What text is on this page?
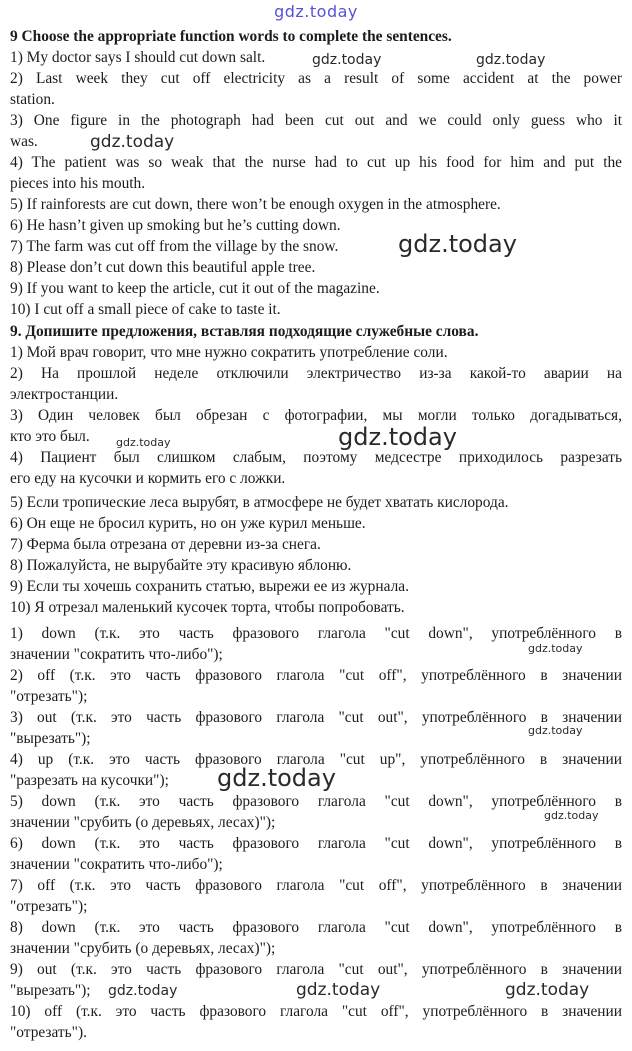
gdz.today
9 Choose the appropriate function words to complete the sentences.
1) My doctor says I should cut down salt.
2) Last week they cut off electricity as a result of some accident at the power
station.
3) One figure in the photograph had been cut out and we could only guess who it
was.
4) The patient was so weak that the nurse had to cut up his food for him and put the
pieces into his mouth.
5) If rainforests are cut down, there won’t be enough oxygen in the atmosphere.
6) He hasn’t given up smoking but he’s cutting down.
7) The farm was cut off from the village by the snow.
8) Please don’t cut down this beautiful apple tree.
9) If you want to keep the article, cut it out of the magazine.
10) I cut off a small piece of cake to taste it.
9. Допишите предложения, вставляя подходящие служебные слова.
1) Мой врач говорит, что мне нужно сократить употребление соли.
2) На прошлой неделе отключили электричество из-за какой-то аварии на
электростанции.
3) Один человек был обрезан с фотографии, мы могли только догадываться,
кто это был.
4) Пациент был слишком слабым, поэтому медсестре приходилось разрезать
его еду на кусочки и кормить его с ложки.
5) Если тропические леса вырубят, в атмосфере не будет хватать кислорода.
6) Он еще не бросил курить, но он уже курил меньше.
7) Ферма была отрезана от деревни из-за снега.
8) Пожалуйста, не вырубайте эту красивую яблоню.
9) Если ты хочешь сохранить статью, вырежи ее из журнала.
10) Я отрезал маленький кусочек торта, чтобы попробовать.
1) down (т.к. это часть фразового глагола "cut down", употреблённого в
значении "сократить что-либо");
2) off (т.к. это часть фразового глагола "cut off", употреблённого в значении
"отрезать");
3) out (т.к. это часть фразового глагола "cut out", употреблённого в значении
"вырезать");
4) up (т.к. это часть фразового глагола "cut up", употреблённого в значении
"разрезать на кусочки");
5) down (т.к. это часть фразового глагола "cut down", употреблённого в
значении "срубить (о деревьях, лесах)");
6) down (т.к. это часть фразового глагола "cut down", употреблённого в
значении "сократить что-либо");
7) off (т.к. это часть фразового глагола "cut off", употреблённого в значении
"отрезать");
8) down (т.к. это часть фразового глагола "cut down", употреблённого в
значении "срубить (о деревьях, лесах)");
9) out (т.к. это часть фразового глагола "cut out", употреблённого в значении
"вырезать");
10) off (т.к. это часть фразового глагола "cut off", употреблённого в значении
"отрезать").
gdz.today	gdz.today
gdz.today
gdz.today
gdz.today	gdz.today
gdz.today
gdz.today
gdz.today
gdz.today
gdz.today	gdz.today	gdz.today
